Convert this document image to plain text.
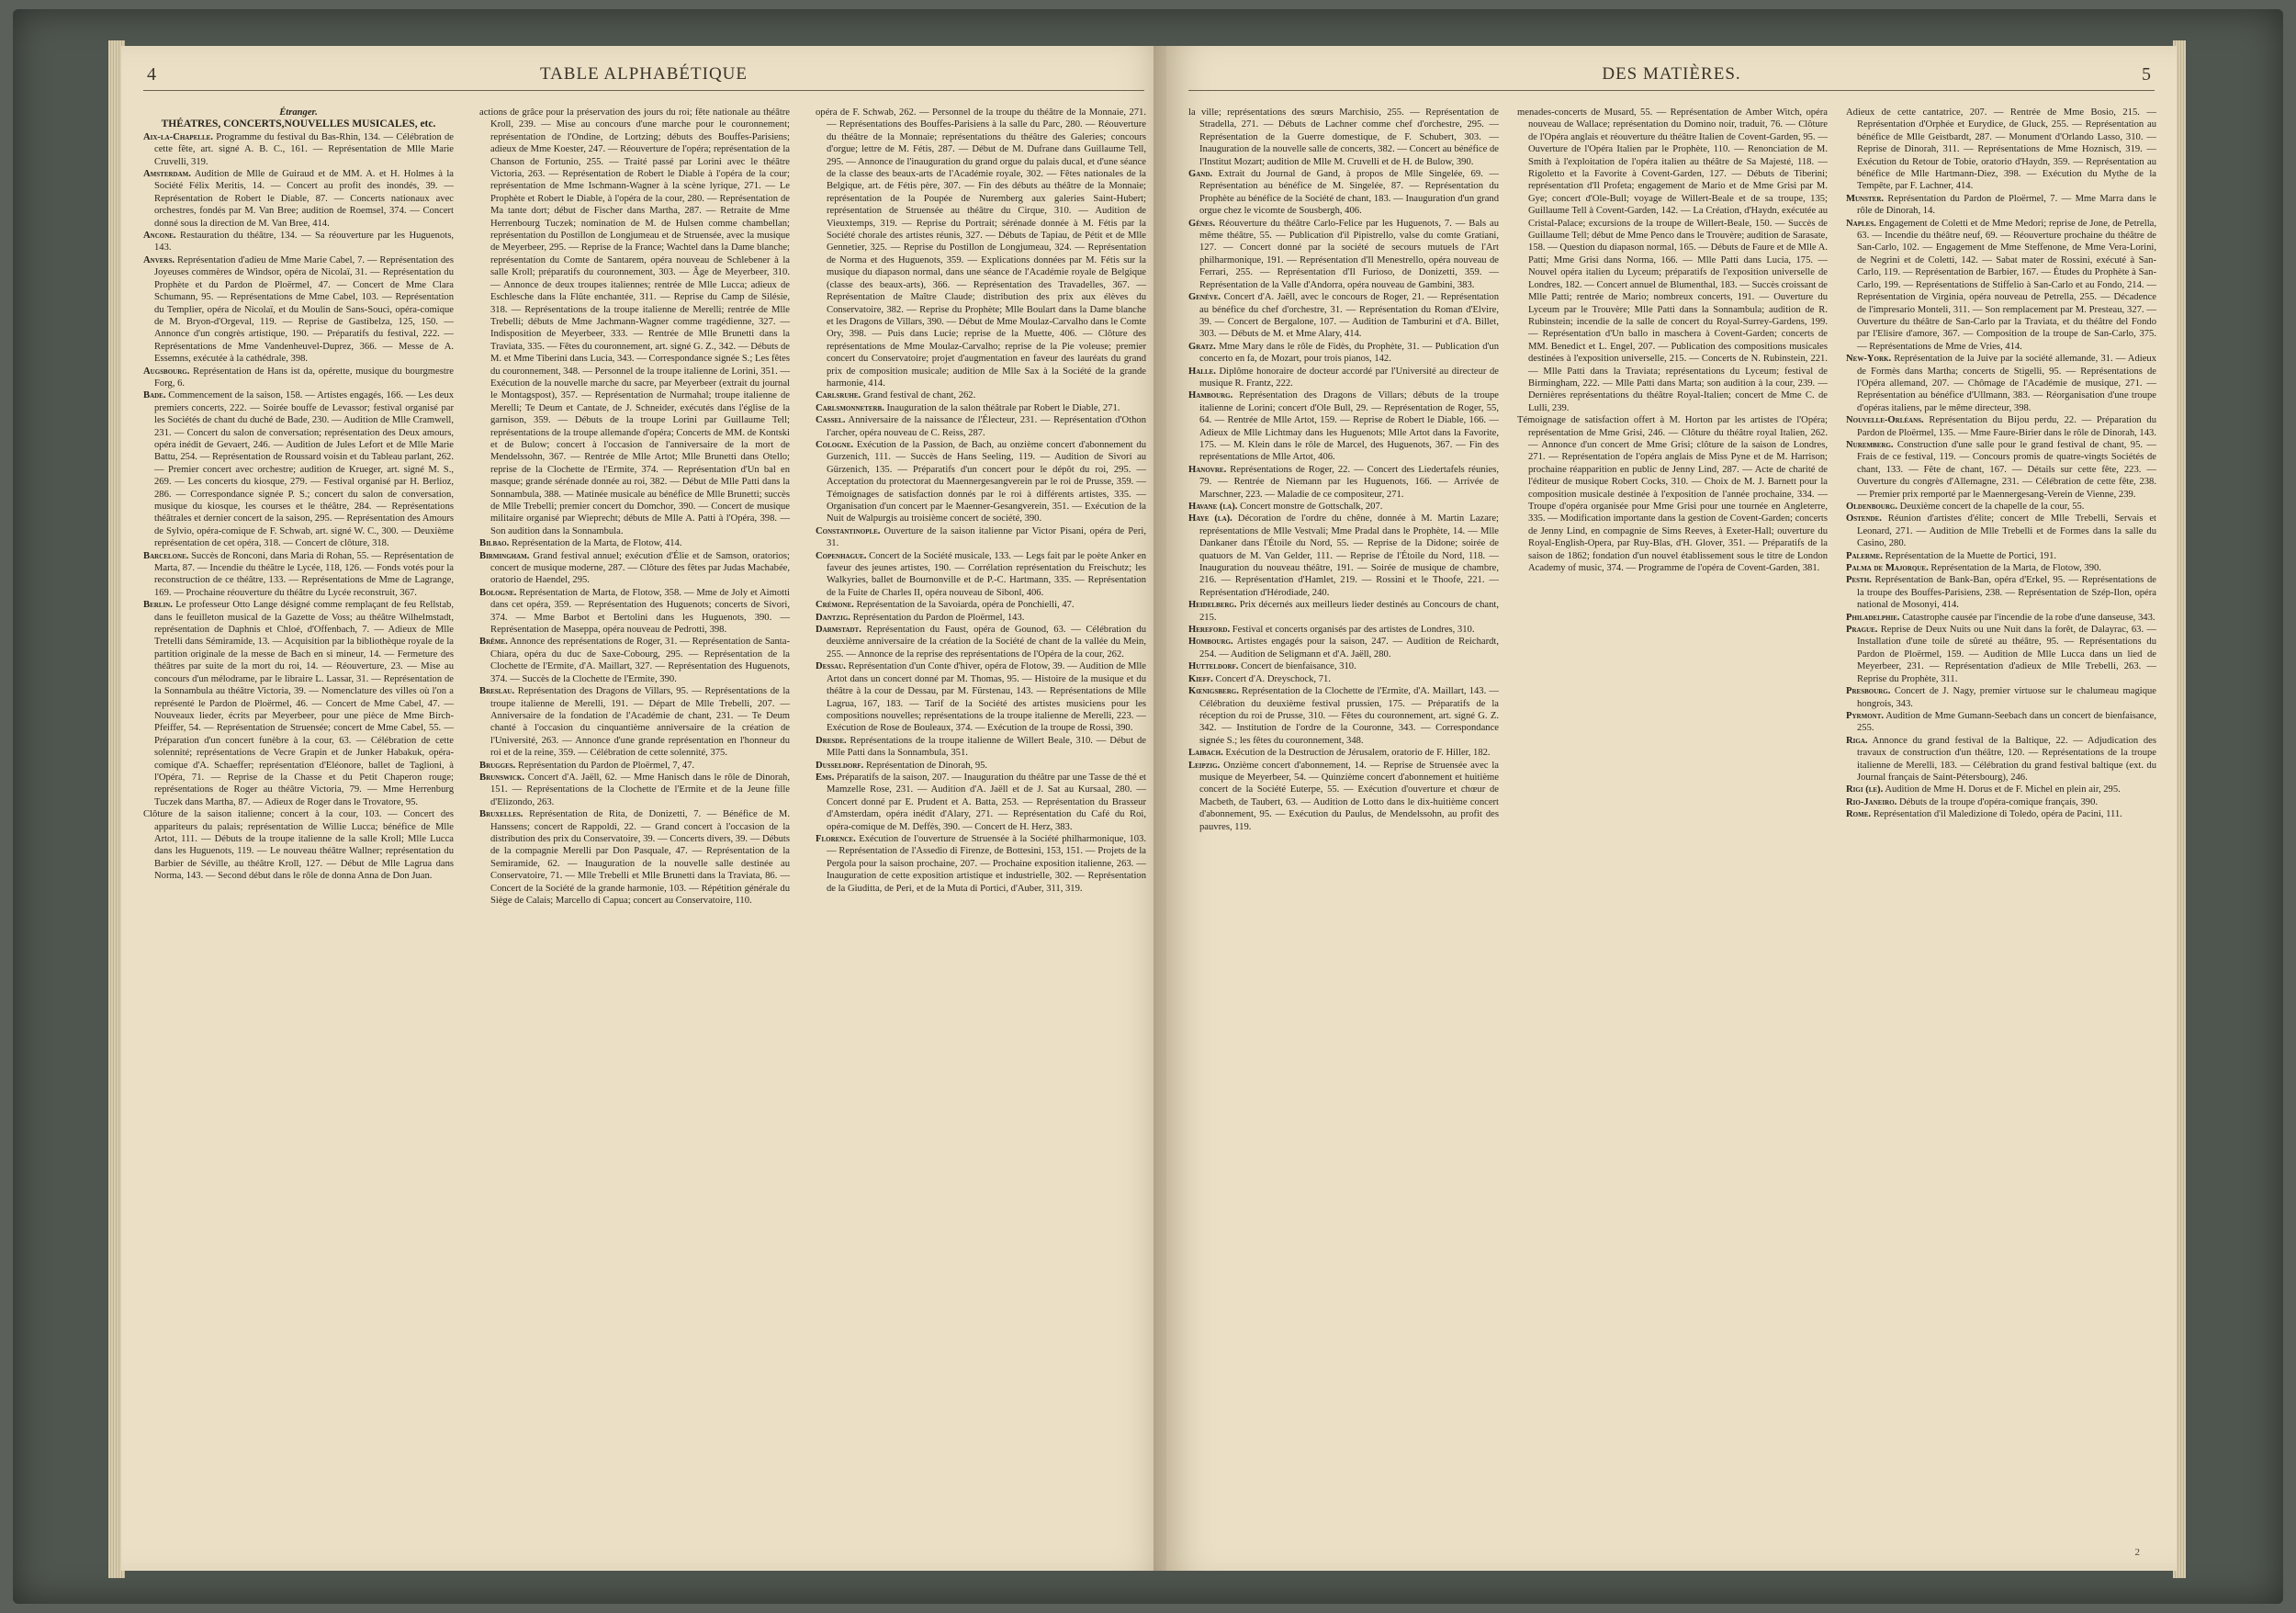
4	TABLE ALPHABÉTIQUE

Étranger.

THÉATRES, CONCERTS,NOUVELLES MUSICALES, etc.

Aix-la-Chapelle. Programme du festival du Bas-Rhin, 134. — Célébration de cette fête, art. signé A. B. C., 161. — Représentation de Mlle Marie Cruvelli, 319.

Amsterdam. Audition de Mlle de Guiraud et de MM. A. et H. Holmes à la Société Félix Meritis, 14. — Concert au profit des inondés, 39. — Représentation de Robert le Diable, 87. — Concerts nationaux avec orchestres, fondés par M. Van Bree; audition de Roemsel, 374. — Concert donné sous la direction de M. Van Bree, 414.

Ancone. Restauration du théâtre, 134. — Sa réouverture par les Huguenots, 143.

Anvers. Représentation d'adieu de Mme Marie Cabel, 7. — Représentation des Joyeuses commères de Windsor, opéra de Nicolaï, 31. — Représentation du Prophète et du Pardon de Ploërmel, 47. — Concert de Mme Clara Schumann, 95. — Représentations de Mme Cabel, 103. — Représentation du Templier, opéra de Nicolaï, et du Moulin de Sans-Souci, opéra-comique de M. Bryon-d'Orgeval, 119. — Reprise de Gastibelza, 125, 150. — Annonce d'un congrès artistique, 190. — Préparatifs du festival, 222. — Représentations de Mme Vandenheuvel-Duprez, 366. — Messe de A. Essemns, exécutée à la cathédrale, 398.

Augsbourg. Représentation de Hans ist da, opérette, musique du bourgmestre Forg, 6.

Bade. Commencement de la saison, 158. — Artistes engagés, 166. — Les deux premiers concerts, 222. — Soirée bouffe de Levassor; festival organisé par les Sociétés de chant du duché de Bade, 230. — Audition de Mlle Cramwell, 231. — Concert du salon de conversation; représentation des Deux amours, opéra inédit de Gevaert, 246. — Audition de Jules Lefort et de Mlle Marie Battu, 254. — Représentation de Roussard voisin et du Tableau parlant, 262. — Premier concert avec orchestre; audition de Krueger, art. signé M. S., 269. — Les concerts du kiosque, 279. — Festival organisé par H. Berlioz, 286. — Correspondance signée P. S.; concert du salon de conversation, musique du kiosque, les courses et le théâtre, 284. — Représentations théâtrales et dernier concert de la saison, 295. — Représentation des Amours de Sylvio, opéra-comique de F. Schwab, art. signé W. C., 300. — Deuxième représentation de cet opéra, 318. — Concert de clôture, 318.

Barcelone. Succès de Ronconi, dans Maria di Rohan, 55. — Représentation de Marta, 87. — Incendie du théâtre le Lycée, 118, 126. — Fonds votés pour la reconstruction de ce théâtre, 133. — Représentations de Mme de Lagrange, 169. — Prochaine réouverture du théâtre du Lycée reconstruit, 367.

Berlin. Le professeur Otto Lange désigné comme remplaçant de feu Rellstab, dans le feuilleton musical de la Gazette de Voss; au théâtre Wilhelmstadt, représentation de Daphnis et Chloé, d'Offenbach, 7. — Adieux de Mlle Tretelli dans Sémiramide, 13. — Acquisition par la bibliothèque royale de la partition originale de la messe de Bach en si mineur, 14. — Fermeture des théâtres par suite de la mort du roi, 14. — Réouverture, 23. — Mise au concours d'un mélodrame, par le libraire L. Lassar, 31. — Représentation de la Sonnambula au théâtre Victoria, 39. — Nomenclature des villes où l'on a représenté le Pardon de Ploërmel, 46. — Concert de Mme Cabel, 47. — Nouveaux lieder, écrits par Meyerbeer, pour une pièce de Mme Birch-Pfeiffer, 54. — Représentation de Struensée; concert de Mme Cabel, 55. — Préparation d'un concert funèbre à la cour, 63. — Célébration de cette solennité; représentations de Vecre Grapin et de Junker Habakuk, opéra-comique d'A. Schaeffer; représentation d'Eléonore, ballet de Taglioni, à l'Opéra, 71. — Reprise de la Chasse et du Petit Chaperon rouge; représentations de Roger au théâtre Victoria, 79. — Mme Herrenburg Tuczek dans Martha, 87. — Adieux de Roger dans le Trovatore, 95.

Clôture de la saison italienne; concert à la cour, 103. — Concert des appariteurs du palais; représentation de Willie Lucca; bénéfice de Mlle Artot, 111. — Débuts de la troupe italienne de la salle Kroll; Mlle Lucca dans les Huguenots, 119. — Le nouveau théâtre Wallner; représentation du Barbier de Séville, au théâtre Kroll, 127. — Début de Mlle Lagrua dans Norma, 143. — Second début dans le rôle de donna Anna de Don Juan.

actions de grâce pour la préservation des jours du roi; fête nationale au théâtre Kroll, 239. — Mise au concours d'une marche pour le couronnement; représentation de l'Ondine, de Lortzing; débuts des Bouffes-Parisiens; adieux de Mme Koester, 247. — Réouverture de l'opéra; représentation de la Chanson de Fortunio, 255. — Traité passé par Lorini avec le théâtre Victoria, 263. — Représentation de Robert le Diable à l'opéra de la cour; représentation de Mme Ischmann-Wagner à la scène lyrique, 271. — Le Prophète et Robert le Diable, à l'opéra de la cour, 280. — Représentation de Ma tante dort; début de Fischer dans Martha, 287. — Retraite de Mme Herrenbourg Tuczek; nomination de M. de Hulsen comme chambellan; représentation du Postillon de Longjumeau et de Struensée, avec la musique de Meyerbeer, 295. — Reprise de la France; Wachtel dans la Dame blanche; représentation du Comte de Santarem, opéra nouveau de Schlebener à la salle Kroll; préparatifs du couronnement, 303. — Âge de Meyerbeer, 310. — Annonce de deux troupes italiennes; rentrée de Mlle Lucca; adieux de Eschlesche dans la Flûte enchantée, 311. — Reprise du Camp de Silésie, 318. — Représentations de la troupe italienne de Merelli; rentrée de Mlle Trebelli; débuts de Mme Jachmann-Wagner comme tragédienne, 327. — Indisposition de Meyerbeer, 333. — Rentrée de Mlle Brunetti dans la Traviata, 335. — Fêtes du couronnement, art. signé G. Z., 342. — Débuts de M. et Mme Tiberini dans Lucia, 343. — Correspondance signée S.; Les fêtes du couronnement, 348. — Personnel de la troupe italienne de Lorini, 351. — Exécution de la nouvelle marche du sacre, par Meyerbeer (extrait du journal le Montagspost), 357. — Représentation de Nurmahal; troupe italienne de Merelli; Te Deum et Cantate, de J. Schneider, exécutés dans l'église de la garnison, 359. — Débuts de la troupe Lorini par Guillaume Tell; représentations de la troupe allemande d'opéra; Concerts de MM. de Kontski et de Bulow; concert à l'occasion de l'anniversaire de la mort de Mendelssohn, 367. — Rentrée de Mlle Artot; Mlle Brunetti dans Otello; reprise de la Clochette de l'Ermite, 374. — Représentation d'Un bal en masque; grande sérénade donnée au roi, 382. — Début de Mlle Patti dans la Sonnambula, 388. — Matinée musicale au bénéfice de Mlle Brunetti; succès de Mlle Trebelli; premier concert du Domchor, 390. — Concert de musique militaire organisé par Wieprecht; débuts de Mlle A. Patti à l'Opéra, 398. — Son audition dans la Sonnambula.

Bilbao. Représentation de la Marta, de Flotow, 414.

Birmingham. Grand festival annuel; exécution d'Élie et de Samson, oratorios; concert de musique moderne, 287. — Clôture des fêtes par Judas Machabée, oratorio de Haendel, 295.

Bologne. Représentation de Marta, de Flotow, 358. — Mme de Joly et Aimotti dans cet opéra, 359. — Représentation des Huguenots; concerts de Sivori, 374. — Mme Barbot et Bertolini dans les Huguenots, 390. — Représentation de Maseppa, opéra nouveau de Pedrotti, 398.

Brême. Annonce des représentations de Roger, 31. — Représentation de Santa-Chiara, opéra du duc de Saxe-Cobourg, 295. — Représentation de la Clochette de l'Ermite, d'A. Maillart, 327. — Représentation des Huguenots, 374. — Succès de la Clochette de l'Ermite, 390.

Breslau. Représentation des Dragons de Villars, 95. — Représentations de la troupe italienne de Merelli, 191. — Départ de Mlle Trebelli, 207. — Anniversaire de la fondation de l'Académie de chant, 231. — Te Deum chanté à l'occasion du cinquantième anniversaire de la création de l'Université, 263. — Annonce d'une grande représentation en l'honneur du roi et de la reine, 359. — Célébration de cette solennité, 375.

Brugges. Représentation du Pardon de Ploërmel, 7, 47.

Brunswick. Concert d'A. Jaëll, 62. — Mme Hanisch dans le rôle de Dinorah, 151. — Représentations de la Clochette de l'Ermite et de la Jeune fille d'Elizondo, 263.

Bruxelles. Représentation de Rita, de Donizetti, 7. — Bénéfice de M. Hanssens; concert de Rappoldi, 22. — Grand concert à l'occasion de la distribution des prix du Conservatoire, 39. — Concerts divers, 39. — Débuts de la compagnie Merelli par Don Pasquale, 47. — Représentation de la Semiramide, 62. — Inauguration de la nouvelle salle destinée au Conservatoire, 71. — Mlle Trebelli et Mlle Brunetti dans la Traviata, 86. — Concert de la Société de la grande harmonie, 103. — Répétition générale du Siège de Calais; Marcello di Capua; concert au Conservatoire, 110.

opéra de F. Schwab, 262. — Personnel de la troupe du théâtre de la Monnaie, 271. — Représentations des Bouffes-Parisiens à la salle du Parc, 280. — Réouverture du théâtre de la Monnaie; représentations du théâtre des Galeries; concours d'orgue; lettre de M. Fétis, 287. — Début de M. Dufrane dans Guillaume Tell, 295. — Annonce de l'inauguration du grand orgue du palais ducal, et d'une séance de la classe des beaux-arts de l'Académie royale, 302. — Fêtes nationales de la Belgique, art. de Fétis père, 307. — Fin des débuts au théâtre de la Monnaie; représentation de la Poupée de Nuremberg aux galeries Saint-Hubert; représentation de Struensée au théâtre du Cirque, 310. — Audition de Vieuxtemps, 319. — Reprise du Portrait; sérénade donnée à M. Fétis par la Société chorale des artistes réunis, 327. — Débuts de Tapiau, de Pétit et de Mlle Gennetier, 325. — Reprise du Postillon de Longjumeau, 324. — Représentation de Norma et des Huguenots, 359. — Explications données par M. Fétis sur la musique du diapason normal, dans une séance de l'Académie royale de Belgique (classe des beaux-arts), 366. — Représentation des Travadelles, 367. — Représentation de Maître Claude; distribution des prix aux élèves du Conservatoire, 382. — Reprise du Prophète; Mlle Boulart dans la Dame blanche et les Dragons de Villars, 390. — Début de Mme Moulaz-Carvalho dans le Comte Ory, 398. — Puis dans Lucie; reprise de la Muette, 406. — Clôture des représentations de Mme Moulaz-Carvalho; reprise de la Pie voleuse; premier concert du Conservatoire; projet d'augmentation en faveur des lauréats du grand prix de composition musicale; audition de Mlle Sax à la Société de la grande harmonie, 414.

Carlsruhe. Grand festival de chant, 262.

Carlsmonneterb. Inauguration de la salon théâtrale par Robert le Diable, 271.

Cassel. Anniversaire de la naissance de l'Électeur, 231. — Représentation d'Othon l'archer, opéra nouveau de C. Reiss, 287.

Cologne. Exécution de la Passion, de Bach, au onzième concert d'abonnement du Gurzenich, 111. — Succès de Hans Seeling, 119. — Audition de Sivori au Gürzenich, 135. — Préparatifs d'un concert pour le dépôt du roi, 295. — Acceptation du protectorat du Maennergesangverein par le roi de Prusse, 359. — Témoignages de satisfaction donnés par le roi à différents artistes, 335. — Organisation d'un concert par le Maenner-Gesangverein, 351. — Exécution de la Nuit de Walpurgis au troisième concert de société, 390.

Constantinople. Ouverture de la saison italienne par Victor Pisani, opéra de Peri, 31.

Copenhague. Concert de la Société musicale, 133. — Legs fait par le poète Anker en faveur des jeunes artistes, 190. — Corrélation représentation du Freischutz; les Walkyries, ballet de Bournonville et de P.-C. Hartmann, 335. — Représentation de la Fuite de Charles II, opéra nouveau de Sibonl, 406.

Crémone. Représentation de la Savoiarda, opéra de Ponchielli, 47.

Dantzig. Représentation du Pardon de Ploërmel, 143.

Darmstadt. Représentation du Faust, opéra de Gounod, 63. — Célébration du deuxième anniversaire de la création de la Société de chant de la vallée du Mein, 255. — Annonce de la reprise des représentations de l'Opéra de la cour, 262.

Dessau. Représentation d'un Conte d'hiver, opéra de Flotow, 39. — Audition de Mlle Artot dans un concert donné par M. Thomas, 95. — Histoire de la musique et du théâtre à la cour de Dessau, par M. Fürstenau, 143. — Représentations de Mlle Lagrua, 167, 183. — Tarif de la Société des artistes musiciens pour les compositions nouvelles; représentations de la troupe italienne de Merelli, 223. — Exécution de Rose de Bouleaux, 374. — Exécution de la troupe de Rossi, 390.

Dresde. Représentations de la troupe italienne de Willert Beale, 310. — Début de Mlle Patti dans la Sonnambula, 351.

Dusseldorf. Représentation de Dinorah, 95.

Ems. Préparatifs de la saison, 207. — Inauguration du théâtre par une Tasse de thé et Mamzelle Rose, 231. — Audition d'A. Jaëll et de J. Sat au Kursaal, 280. — Concert donné par E. Prudent et A. Batta, 253. — Représentation du Brasseur d'Amsterdam, opéra inédit d'Alary, 271. — Représentation du Café du Roi, opéra-comique de M. Deffès, 390. — Concert de H. Herz, 383.

Florence. Exécution de l'ouverture de Struensée à la Société philharmonique, 103. — Représentation de l'Assedio di Firenze, de Bottesini, 153, 151. — Projets de la Pergola pour la saison prochaine, 207. — Prochaine exposition italienne, 263. — Inauguration de cette exposition artistique et industrielle, 302. — Représentation de la Giuditta, de Peri, et de la Muta di Portici, d'Auber, 311, 319.

DES MATIÈRES.	5

la ville; représentations des sœurs Marchisio, 255. — Représentation de Stradella, 271. — Débuts de Lachner comme chef d'orchestre, 295. — Représentation de la Guerre domestique, de F. Schubert, 303. — Inauguration de la nouvelle salle de concerts, 382. — Concert au bénéfice de l'Institut Mozart; audition de Mlle M. Cruvelli et de H. de Bulow, 390.

Gand. Extrait du Journal de Gand, à propos de Mlle Singelée, 69. — Représentation au bénéfice de M. Singelée, 87. — Représentation du Prophète au bénéfice de la Société de chant, 183. — Inauguration d'un grand orgue chez le vicomte de Sousbergh, 406.

Gênes. Réouverture du théâtre Carlo-Felice par les Huguenots, 7. — Bals au même théâtre, 55. — Publication d'il Pipistrello, valse du comte Gratiani, 127. — Concert donné par la société de secours mutuels de l'Art philharmonique, 191. — Représentation d'Il Menestrello, opéra nouveau de Ferrari, 255. — Représentation d'Il Furioso, de Donizetti, 359. — Représentation de la Valle d'Andorra, opéra nouveau de Gambini, 383.

Genève. Concert d'A. Jaëll, avec le concours de Roger, 21. — Représentation au bénéfice du chef d'orchestre, 31. — Représentation du Roman d'Elvire, 39. — Concert de Bergalone, 107. — Audition de Tamburini et d'A. Billet, 303. — Débuts de M. et Mme Alary, 414.

Gratz. Mme Mary dans le rôle de Fidès, du Prophète, 31. — Publication d'un concerto en fa, de Mozart, pour trois pianos, 142.

Halle. Diplôme honoraire de docteur accordé par l'Université au directeur de musique R. Frantz, 222.

Hambourg. Représentation des Dragons de Villars; débuts de la troupe italienne de Lorini; concert d'Ole Bull, 29. — Représentation de Roger, 55, 64. — Rentrée de Mlle Artot, 159. — Reprise de Robert le Diable, 166. — Adieux de Mlle Lichtmay dans les Huguenots; Mlle Artot dans la Favorite, 175. — M. Klein dans le rôle de Marcel, des Huguenots, 367. — Fin des représentations de Mlle Artot, 406.

Hanovre. Représentations de Roger, 22. — Concert des Liedertafels réunies, 79. — Rentrée de Niemann par les Huguenots, 166. — Arrivée de Marschner, 223. — Maladie de ce compositeur, 271.

Havane (la). Concert monstre de Gottschalk, 207.

Haye (la). Décoration de l'ordre du chêne, donnée à M. Martin Lazare; représentations de Mlle Vestvali; Mme Pradal dans le Prophète, 14. — Mlle Dankaner dans l'Étoile du Nord, 55. — Reprise de la Didone; soirée de quatuors de M. Van Gelder, 111. — Reprise de l'Étoile du Nord, 118. — Inauguration du nouveau théâtre, 191. — Soirée de musique de chambre, 216. — Représentation d'Hamlet, 219. — Rossini et le Thoofe, 221. — Représentation d'Hérodiade, 240.

Heidelberg. Prix décernés aux meilleurs lieder destinés au Concours de chant, 215.

Hereford. Festival et concerts organisés par des artistes de Londres, 310.

Hombourg. Artistes engagés pour la saison, 247. — Audition de Reichardt, 254. — Audition de Seligmann et d'A. Jaëll, 280.

Hutteldorf. Concert de bienfaisance, 310.

Kieff. Concert d'A. Dreyschock, 71.

Kœnigsberg. Représentation de la Clochette de l'Ermite, d'A. Maillart, 143. — Célébration du deuxième festival prussien, 175. — Préparatifs de la réception du roi de Prusse, 310. — Fêtes du couronnement, art. signé G. Z. 342. — Institution de l'ordre de la Couronne, 343. — Correspondance signée S.; les fêtes du couronnement, 348.

Laibach. Exécution de la Destruction de Jérusalem, oratorio de F. Hiller, 182.

Leipzig. Onzième concert d'abonnement, 14. — Reprise de Struensée avec la musique de Meyerbeer, 54. — Quinzième concert d'abonnement et huitième concert de la Société Euterpe, 55. — Exécution d'ouverture et chœur de Macbeth, de Taubert, 63. — Audition de Lotto dans le dix-huitième concert d'abonnement, 95. — Exécution du Paulus, de Mendelssohn, au profit des pauvres, 119.

menades-concerts de Musard, 55. — Représentation de Amber Witch, opéra nouveau de Wallace; représentation du Domino noir, traduit, 76. — Clôture de l'Opéra anglais et réouverture du théâtre Italien de Covent-Garden, 95. — Ouverture de l'Opéra Italien par le Prophète, 110. — Renonciation de M. Smith à l'exploitation de l'opéra italien au théâtre de Sa Majesté, 118. — Rigoletto et la Favorite à Covent-Garden, 127. — Débuts de Tiberini; représentation d'Il Profeta; engagement de Mario et de Mme Grisi par M. Gye; concert d'Ole-Bull; voyage de Willert-Beale et de sa troupe, 135; Guillaume Tell à Covent-Garden, 142. — La Création, d'Haydn, exécutée au Cristal-Palace; excursions de la troupe de Willert-Beale, 150. — Succès de Guillaume Tell; début de Mme Penco dans le Trouvère; audition de Sarasate, 158. — Question du diapason normal, 165. — Débuts de Faure et de Mlle A. Patti; Mme Grisi dans Norma, 166. — Mlle Patti dans Lucia, 175. — Nouvel opéra italien du Lyceum; préparatifs de l'exposition universelle de Londres, 182. — Concert annuel de Blumenthal, 183. — Succès croissant de Mlle Patti; rentrée de Mario; nombreux concerts, 191. — Ouverture du Lyceum par le Trouvère; Mlle Patti dans la Sonnambula; audition de R. Rubinstein; incendie de la salle de concert du Royal-Surrey-Gardens, 199. — Représentation d'Un ballo in maschera à Covent-Garden; concerts de MM. Benedict et L. Engel, 207. — Publication des compositions musicales destinées à l'exposition universelle, 215. — Concerts de N. Rubinstein, 221. — Mlle Patti dans la Traviata; représentations du Lyceum; festival de Birmingham, 222. — Mlle Patti dans Marta; son audition à la cour, 239. — Dernières représentations du théâtre Royal-Italien; concert de Mme C. de Lulli, 239.

Témoignage de satisfaction offert à M. Horton par les artistes de l'Opéra; représentation de Mme Grisi, 246. — Clôture du théâtre royal Italien, 262. — Annonce d'un concert de Mme Grisi; clôture de la saison de Londres, 271. — Représentation de l'opéra anglais de Miss Pyne et de M. Harrison; prochaine réapparition en public de Jenny Lind, 287. — Acte de charité de l'éditeur de musique Robert Cocks, 310. — Choix de M. J. Barnett pour la composition musicale destinée à l'exposition de l'année prochaine, 334. — Troupe d'opéra organisée pour Mme Grisi pour une tournée en Angleterre, 335. — Modification importante dans la gestion de Covent-Garden; concerts de Jenny Lind, en compagnie de Sims Reeves, à Exeter-Hall; ouverture du Royal-English-Opera, par Ruy-Blas, d'H. Glover, 351. — Préparatifs de la saison de 1862; fondation d'un nouvel établissement sous le titre de London Academy of music, 374. — Programme de l'opéra de Covent-Garden, 381.

Adieux de cette cantatrice, 207. — Rentrée de Mme Bosio, 215. — Représentation d'Orphée et Eurydice, de Gluck, 255. — Représentation au bénéfice de Mlle Geistbardt, 287. — Monument d'Orlando Lasso, 310. — Reprise de Dinorah, 311. — Représentations de Mme Hoznisch, 319. — Exécution du Retour de Tobie, oratorio d'Haydn, 359. — Représentation au bénéfice de Mlle Hartmann-Diez, 398. — Exécution du Mythe de la Tempête, par F. Lachner, 414.

Munster. Représentation du Pardon de Ploërmel, 7. — Mme Marra dans le rôle de Dinorah, 14.

Naples. Engagement de Coletti et de Mme Medori; reprise de Jone, de Petrella, 63. — Incendie du théâtre neuf, 69. — Réouverture prochaine du théâtre de San-Carlo, 102. — Engagement de Mme Steffenone, de Mme Vera-Lorini, de Negrini et de Coletti, 142. — Sabat mater de Rossini, exécuté à San-Carlo, 119. — Représentation de Barbier, 167. — Études du Prophète à San-Carlo, 199. — Représentations de Stiffelio à San-Carlo et au Fondo, 214. — Représentation de Virginia, opéra nouveau de Petrella, 255. — Décadence de l'impresario Monteli, 311. — Son remplacement par M. Presteau, 327. — Ouverture du théâtre de San-Carlo par la Traviata, et du théâtre del Fondo par l'Elisire d'amore, 367. — Composition de la troupe de San-Carlo, 375. — Représentations de Mme de Vries, 414.

New-York. Représentation de la Juive par la société allemande, 31. — Adieux de Formès dans Martha; concerts de Stigelli, 95. — Représentations de l'Opéra allemand, 207. — Chômage de l'Académie de musique, 271. — Représentation au bénéfice d'Ullmann, 383. — Réorganisation d'une troupe d'opéras italiens, par le même directeur, 398.

Nouvelle-Orléans. Représentation du Bijou perdu, 22. — Préparation du Pardon de Ploërmel, 135. — Mme Faure-Birier dans le rôle de Dinorah, 143.

Nuremberg. Construction d'une salle pour le grand festival de chant, 95. — Frais de ce festival, 119. — Concours promis de quatre-vingts Sociétés de chant, 133. — Fête de chant, 167. — Détails sur cette fête, 223. — Ouverture du congrès d'Allemagne, 231. — Célébration de cette fête, 238. — Premier prix remporté par le Maennergesang-Verein de Vienne, 239.

Oldenbourg. Deuxième concert de la chapelle de la cour, 55.

Ostende. Réunion d'artistes d'élite; concert de Mlle Trebelli, Servais et Leonard, 271. — Audition de Mlle Trebelli et de Formes dans la salle du Casino, 280.

Palerme. Représentation de la Muette de Portici, 191.

Palma de Majorque. Représentation de la Marta, de Flotow, 390.

Pesth. Représentation de Bank-Ban, opéra d'Erkel, 95. — Représentations de la troupe des Bouffes-Parisiens, 238. — Représentation de Szép-Ilon, opéra national de Mosonyi, 414.

Philadelphie. Catastrophe causée par l'incendie de la robe d'une danseuse, 343.

Prague. Reprise de Deux Nuits ou une Nuit dans la forêt, de Dalayrac, 63. — Installation d'une toile de sûreté au théâtre, 95. — Représentations du Pardon de Ploërmel, 159. — Audition de Mlle Lucca dans un lied de Meyerbeer, 231. — Représentation d'adieux de Mlle Trebelli, 263. — Reprise du Prophète, 311.

Presbourg. Concert de J. Nagy, premier virtuose sur le chalumeau magique hongrois, 343.

Pyrmont. Audition de Mme Gumann-Seebach dans un concert de bienfaisance, 255.

Riga. Annonce du grand festival de la Baltique, 22. — Adjudication des travaux de construction d'un théâtre, 120. — Représentations de la troupe italienne de Merelli, 183. — Célébration du grand festival baltique (ext. du Journal français de Saint-Pétersbourg), 246.

Rigi (le). Audition de Mme H. Dorus et de F. Michel en plein air, 295.

Rio-Janeiro. Débuts de la troupe d'opéra-comique français, 390.

Rome. Représentation d'il Maledizione di Toledo, opéra de Pacini, 111.

2
